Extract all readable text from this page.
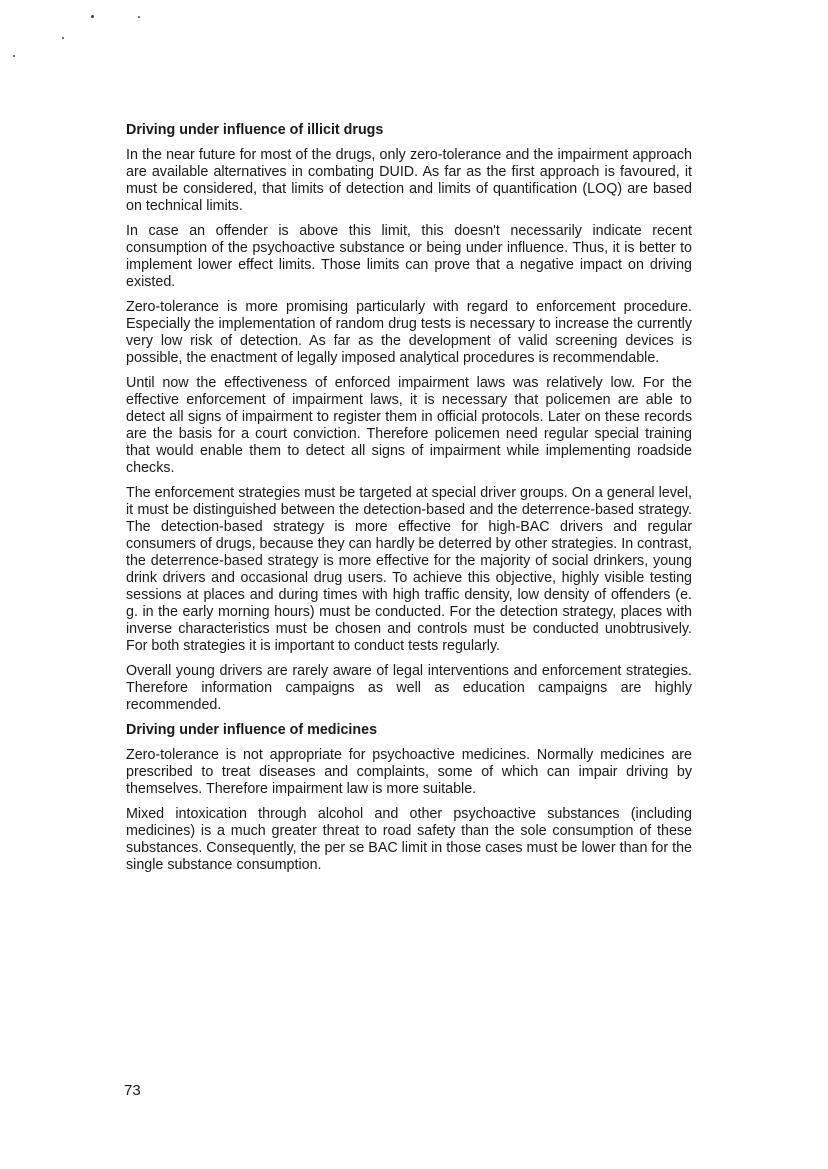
Driving under influence of illicit drugs

In the near future for most of the drugs, only zero-tolerance and the impairment approach are available alternatives in combating DUID. As far as the first approach is favoured, it must be considered, that limits of detection and limits of quantification (LOQ) are based on technical limits.

In case an offender is above this limit, this doesn't necessarily indicate recent consumption of the psychoactive substance or being under influence. Thus, it is better to implement lower effect limits. Those limits can prove that a negative impact on driving existed.

Zero-tolerance is more promising particularly with regard to enforcement procedure. Especially the implementation of random drug tests is necessary to increase the currently very low risk of detection. As far as the development of valid screening devices is possible, the enactment of legally imposed analytical procedures is recommendable.

Until now the effectiveness of enforced impairment laws was relatively low. For the effective enforcement of impairment laws, it is necessary that policemen are able to detect all signs of impairment to register them in official protocols. Later on these records are the basis for a court conviction. Therefore policemen need regular special training that would enable them to detect all signs of impairment while implementing roadside checks.

The enforcement strategies must be targeted at special driver groups. On a general level, it must be distinguished between the detection-based and the deterrence-based strategy. The detection-based strategy is more effective for high-BAC drivers and regular consumers of drugs, because they can hardly be deterred by other strategies. In contrast, the deterrence-based strategy is more effective for the majority of social drinkers, young drink drivers and occasional drug users. To achieve this objective, highly visible testing sessions at places and during times with high traffic density, low density of offenders (e. g. in the early morning hours) must be conducted. For the detection strategy, places with inverse characteristics must be chosen and controls must be conducted unobtrusively. For both strategies it is important to conduct tests regularly.

Overall young drivers are rarely aware of legal interventions and enforcement strategies. Therefore information campaigns as well as education campaigns are highly recommended.

Driving under influence of medicines

Zero-tolerance is not appropriate for psychoactive medicines. Normally medicines are prescribed to treat diseases and complaints, some of which can impair driving by themselves. Therefore impairment law is more suitable.

Mixed intoxication through alcohol and other psychoactive substances (including medicines) is a much greater threat to road safety than the sole consumption of these substances. Consequently, the per se BAC limit in those cases must be lower than for the single substance consumption.

73
